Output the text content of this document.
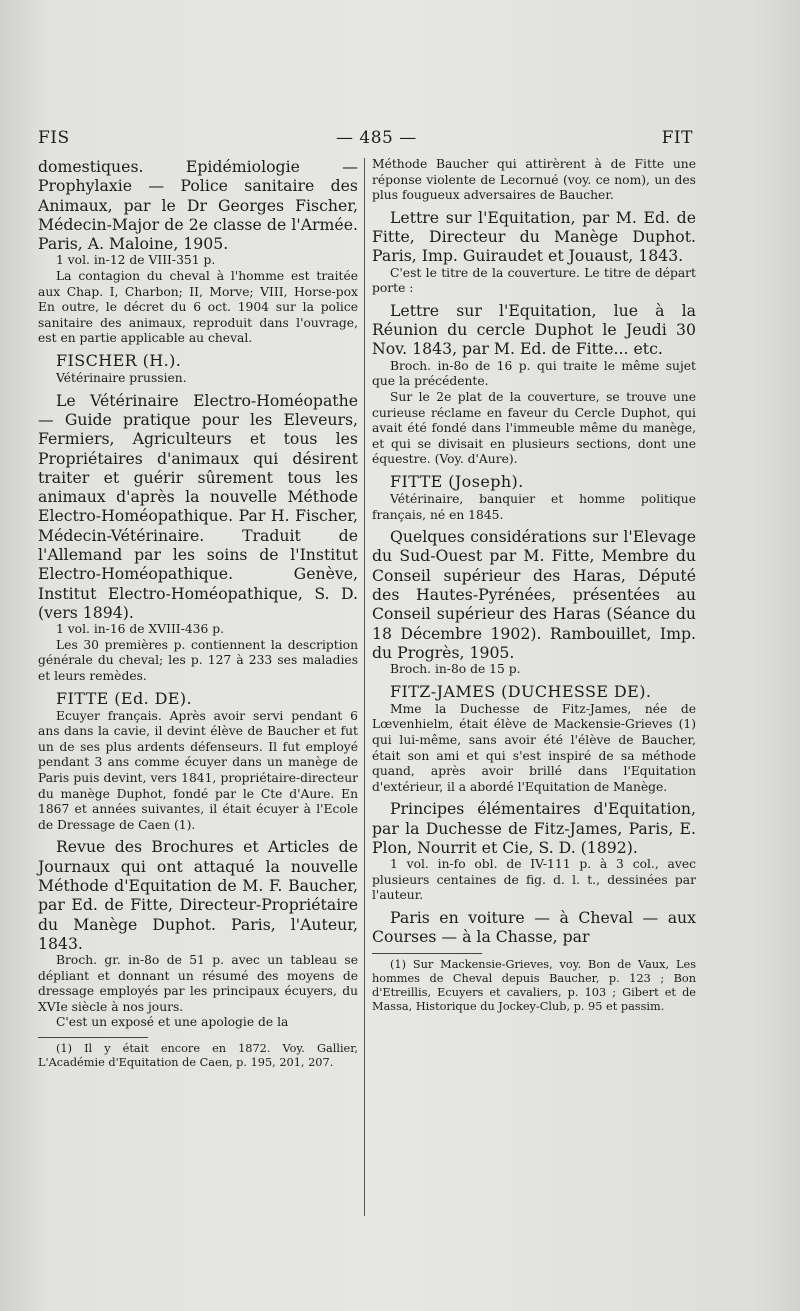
FIS	— 485 —	FIT

domestiques. Epidémiologie — Prophylaxie — Police sanitaire des Animaux, par le Dr Georges Fischer, Médecin-Major de 2e classe de l'Armée. Paris, A. Maloine, 1905.

1 vol. in-12 de VIII-351 p.

La contagion du cheval à l'homme est traitée aux Chap. I, Charbon; II, Morve; VIII, Horse-pox En outre, le décret du 6 oct. 1904 sur la police sanitaire des animaux, reproduit dans l'ouvrage, est en partie applicable au cheval.

FISCHER (H.).

Vétérinaire prussien.

Le Vétérinaire Electro-Homéopathe — Guide pratique pour les Eleveurs, Fermiers, Agriculteurs et tous les Propriétaires d'animaux qui désirent traiter et guérir sûrement tous les animaux d'après la nouvelle Méthode Electro-Homéopathique. Par H. Fischer, Médecin-Vétérinaire. Traduit de l'Allemand par les soins de l'Institut Electro-Homéopathique. Genève, Institut Electro-Homéopathique, S. D. (vers 1894).

1 vol. in-16 de XVIII-436 p.

Les 30 premières p. contiennent la description générale du cheval; les p. 127 à 233 ses maladies et leurs remèdes.

FITTE (Ed. DE).

Ecuyer français. Après avoir servi pendant 6 ans dans la cavie, il devint élève de Baucher et fut un de ses plus ardents défenseurs. Il fut employé pendant 3 ans comme écuyer dans un manège de Paris puis devint, vers 1841, propriétaire-directeur du manège Duphot, fondé par le Cte d'Aure. En 1867 et années suivantes, il était écuyer à l'Ecole de Dressage de Caen (1).

Revue des Brochures et Articles de Journaux qui ont attaqué la nouvelle Méthode d'Equitation de M. F. Baucher, par Ed. de Fitte, Directeur-Propriétaire du Manège Duphot. Paris, l'Auteur, 1843.

Broch. gr. in-8o de 51 p. avec un tableau se dépliant et donnant un résumé des moyens de dressage employés par les principaux écuyers, du XVIe siècle à nos jours.

C'est un exposé et une apologie de la

(1) Il y était encore en 1872. Voy. Gallier, L'Académie d'Equitation de Caen, p. 195, 201, 207.

Méthode Baucher qui attirèrent à de Fitte une réponse violente de Lecornué (voy. ce nom), un des plus fougueux adversaires de Baucher.

Lettre sur l'Equitation, par M. Ed. de Fitte, Directeur du Manège Duphot. Paris, Imp. Guiraudet et Jouaust, 1843.

C'est le titre de la couverture. Le titre de départ porte :

Lettre sur l'Equitation, lue à la Réunion du cercle Duphot le Jeudi 30 Nov. 1843, par M. Ed. de Fitte... etc.

Broch. in-8o de 16 p. qui traite le même sujet que la précédente.

Sur le 2e plat de la couverture, se trouve une curieuse réclame en faveur du Cercle Duphot, qui avait été fondé dans l'immeuble même du manège, et qui se divisait en plusieurs sections, dont une équestre. (Voy. d'Aure).

FITTE (Joseph).

Vétérinaire, banquier et homme politique français, né en 1845.

Quelques considérations sur l'Elevage du Sud-Ouest par M. Fitte, Membre du Conseil supérieur des Haras, Député des Hautes-Pyrénées, présentées au Conseil supérieur des Haras (Séance du 18 Décembre 1902). Rambouillet, Imp. du Progrès, 1905.

Broch. in-8o de 15 p.

FITZ-JAMES (DUCHESSE DE).

Mme la Duchesse de Fitz-James, née de Lœvenhielm, était élève de Mackensie-Grieves (1) qui lui-même, sans avoir été l'élève de Baucher, était son ami et qui s'est inspiré de sa méthode quand, après avoir brillé dans l'Equitation d'extérieur, il a abordé l'Equitation de Manège.

Principes élémentaires d'Equitation, par la Duchesse de Fitz-James, Paris, E. Plon, Nourrit et Cie, S. D. (1892).

1 vol. in-fo obl. de IV-111 p. à 3 col., avec plusieurs centaines de fig. d. l. t., dessinées par l'auteur.

Paris en voiture — à Cheval — aux Courses — à la Chasse, par

(1) Sur Mackensie-Grieves, voy. Bon de Vaux, Les hommes de Cheval depuis Baucher, p. 123 ; Bon d'Etreillis, Ecuyers et cavaliers, p. 103 ; Gibert et de Massa, Historique du Jockey-Club, p. 95 et passim.
